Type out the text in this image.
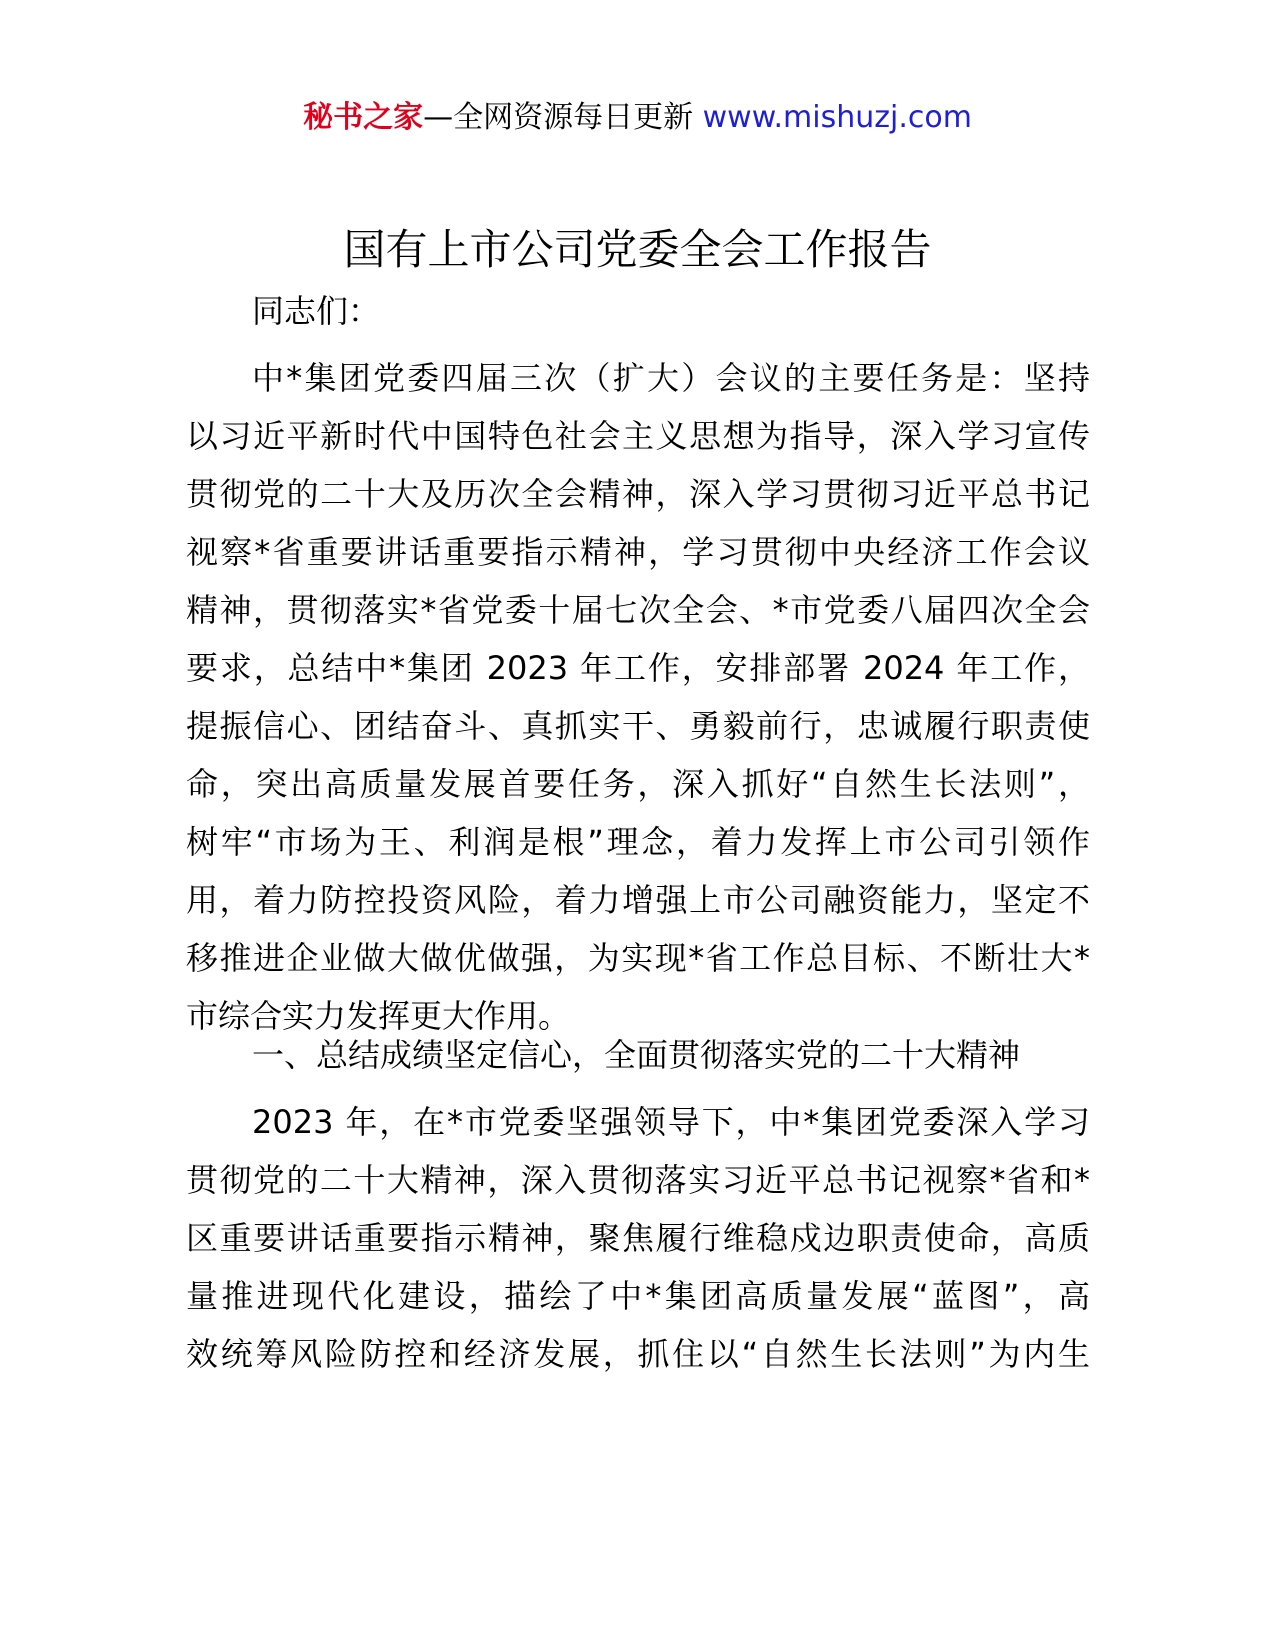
秘书之家—全网资源每日更新 www.mishuzj.com
国有上市公司党委全会工作报告
同志们：
中*集团党委四届三次（扩大）会议的主要任务是：坚持
以习近平新时代中国特色社会主义思想为指导，深入学习宣传
贯彻党的二十大及历次全会精神，深入学习贯彻习近平总书记
视察*省重要讲话重要指示精神，学习贯彻中央经济工作会议
精神，贯彻落实*省党委十届七次全会、*市党委八届四次全会
要求，总结中*集团 2023 年工作，安排部署 2024 年工作，
提振信心、团结奋斗、真抓实干、勇毅前行，忠诚履行职责使
命，突出高质量发展首要任务，深入抓好“自然生长法则”，
树牢“市场为王、利润是根”理念，着力发挥上市公司引领作
用，着力防控投资风险，着力增强上市公司融资能力，坚定不
移推进企业做大做优做强，为实现*省工作总目标、不断壮大*
市综合实力发挥更大作用。
一、总结成绩坚定信心，全面贯彻落实党的二十大精神
2023 年，在*市党委坚强领导下，中*集团党委深入学习
贯彻党的二十大精神，深入贯彻落实习近平总书记视察*省和*
区重要讲话重要指示精神，聚焦履行维稳戍边职责使命，高质
量推进现代化建设，描绘了中*集团高质量发展“蓝图”，高
效统筹风险防控和经济发展，抓住以“自然生长法则”为内生
